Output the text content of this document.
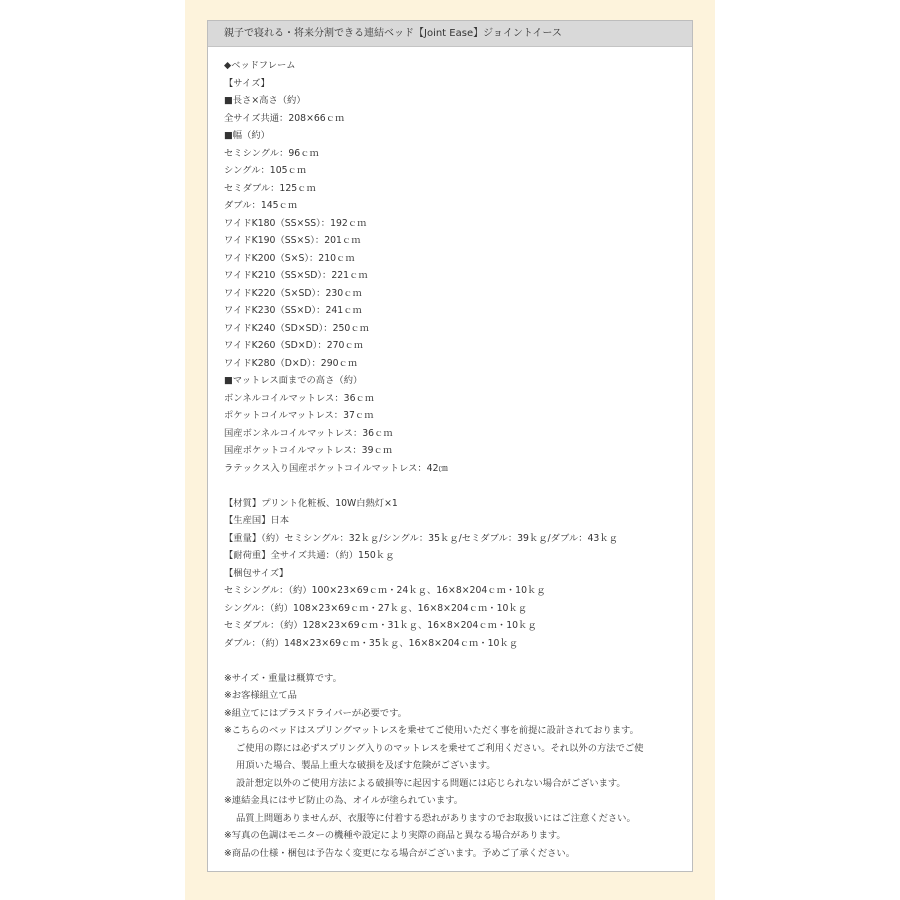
親子で寝れる・将来分割できる連結ベッド【Joint Ease】ジョイントイース
◆ベッドフレーム
【サイズ】
■長さ×高さ（約）
全サイズ共通：208×66ｃｍ
■幅（約）
セミシングル：96ｃｍ
シングル：105ｃｍ
セミダブル：125ｃｍ
ダブル：145ｃｍ
ワイドK180（SS×SS）：192ｃｍ
ワイドK190（SS×S）：201ｃｍ
ワイドK200（S×S）：210ｃｍ
ワイドK210（SS×SD）：221ｃｍ
ワイドK220（S×SD）：230ｃｍ
ワイドK230（SS×D）：241ｃｍ
ワイドK240（SD×SD）：250ｃｍ
ワイドK260（SD×D）：270ｃｍ
ワイドK280（D×D）：290ｃｍ
■マットレス面までの高さ（約）
ボンネルコイルマットレス：36ｃｍ
ポケットコイルマットレス：37ｃｍ
国産ボンネルコイルマットレス：36ｃｍ
国産ポケットコイルマットレス：39ｃｍ
ラテックス入り国産ポケットコイルマットレス：42㎝
【材質】プリント化粧板、10W白熱灯×1
【生産国】日本
【重量】（約）セミシングル：32ｋｇ/シングル：35ｋｇ/セミダブル：39ｋｇ/ダブル：43ｋｇ
【耐荷重】全サイズ共通：（約）150ｋｇ
【梱包サイズ】
セミシングル：（約）100×23×69ｃｍ・24ｋｇ、16×8×204ｃｍ・10ｋｇ
シングル：（約）108×23×69ｃｍ・27ｋｇ、16×8×204ｃｍ・10ｋｇ
セミダブル：（約）128×23×69ｃｍ・31ｋｇ、16×8×204ｃｍ・10ｋｇ
ダブル：（約）148×23×69ｃｍ・35ｋｇ、16×8×204ｃｍ・10ｋｇ
※サイズ・重量は概算です。
※お客様組立て品
※組立てにはプラスドライバーが必要です。
※こちらのベッドはスプリングマットレスを乗せてご使用いただく事を前提に設計されております。
ご使用の際には必ずスプリング入りのマットレスを乗せてご利用ください。それ以外の方法でご使
用頂いた場合、製品上重大な破損を及ぼす危険がございます。
設計想定以外のご使用方法による破損等に起因する問題には応じられない場合がございます。
※連結金具にはサビ防止の為、オイルが塗られています。
品質上問題ありませんが、衣服等に付着する恐れがありますのでお取扱いにはご注意ください。
※写真の色調はモニターの機種や設定により実際の商品と異なる場合があります。
※商品の仕様・梱包は予告なく変更になる場合がございます。予めご了承ください。
